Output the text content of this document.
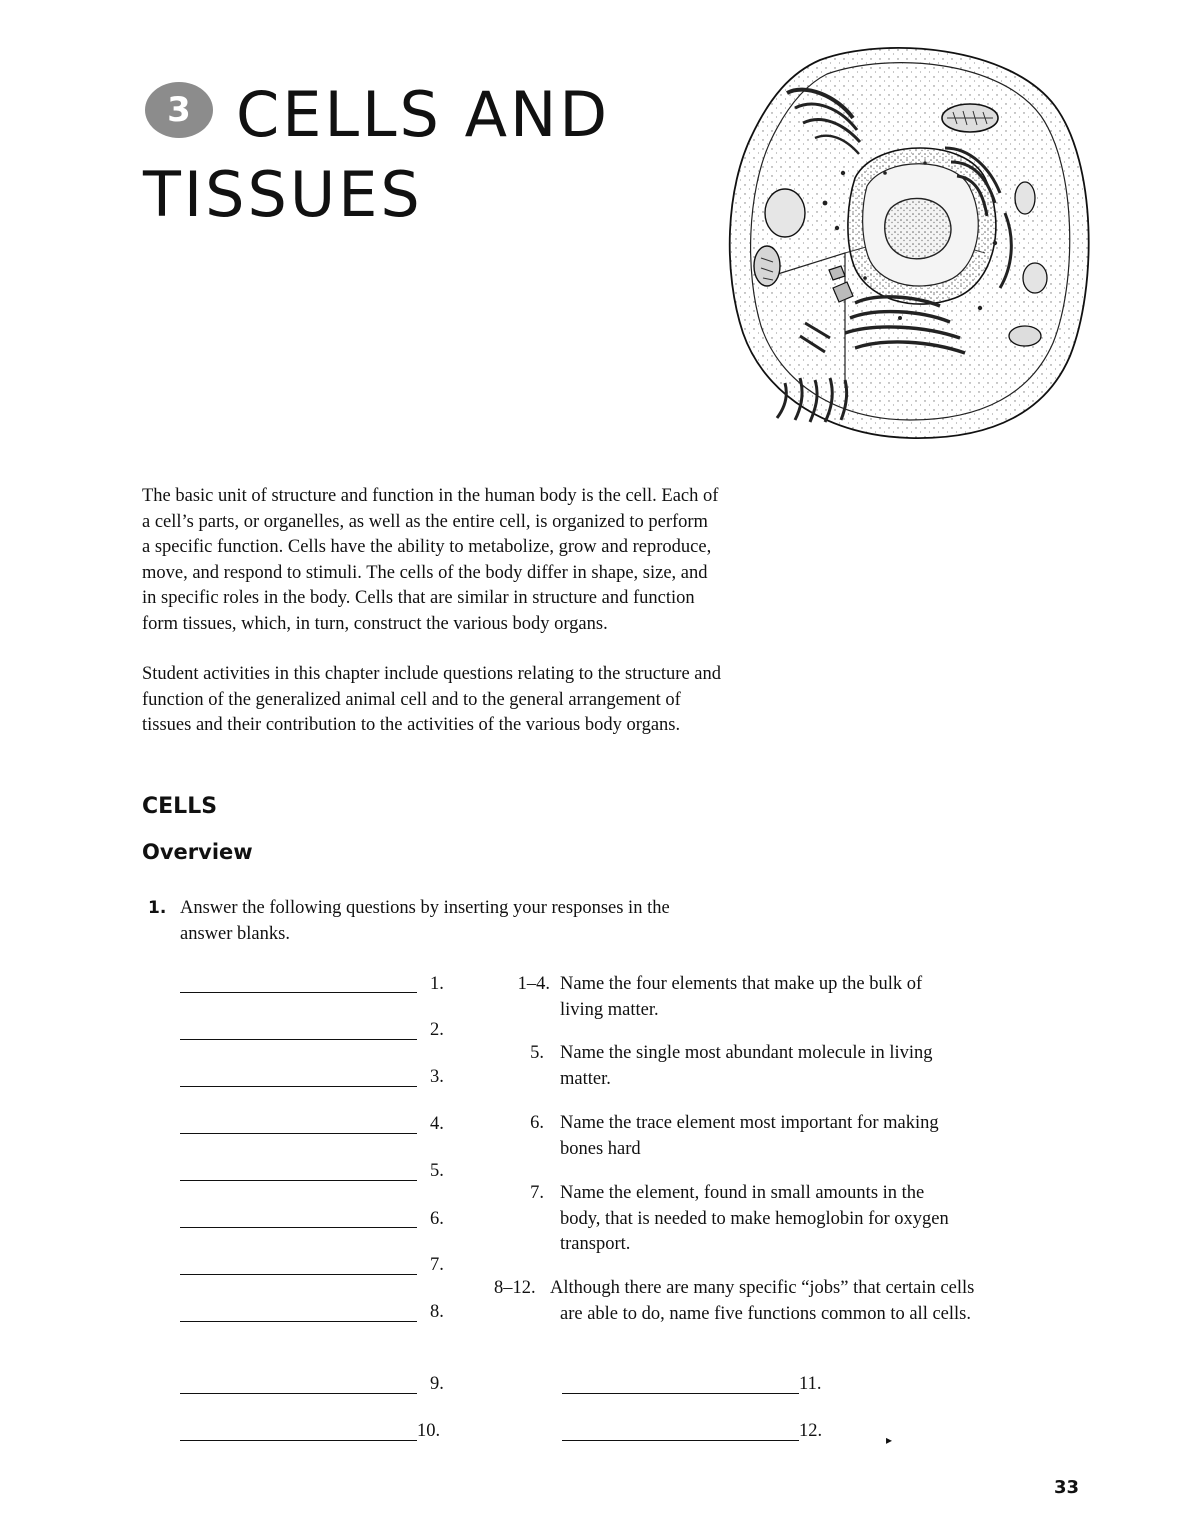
3 CELLS AND
TISSUES
The basic unit of structure and function in the human body is the cell. Each of
a cell’s parts, or organelles, as well as the entire cell, is organized to perform
a specific function. Cells have the ability to metabolize, grow and reproduce,
move, and respond to stimuli. The cells of the body differ in shape, size, and
in specific roles in the body. Cells that are similar in structure and function
form tissues, which, in turn, construct the various body organs.
Student activities in this chapter include questions relating to the structure and
function of the generalized animal cell and to the general arrangement of
tissues and their contribution to the activities of the various body organs.
CELLS
Overview
1. Answer the following questions by inserting your responses in the
answer blanks.
1.
2.
3.
4.
5.
6.
7.
8.
9.
10.
11.
12.
1–4. Name the four elements that make up the bulk of
living matter.
5. Name the single most abundant molecule in living
matter.
6. Name the trace element most important for making
bones hard
7. Name the element, found in small amounts in the
body, that is needed to make hemoglobin for oxygen
transport.
8–12. Although there are many specific “jobs” that certain cells
are able to do, name five functions common to all cells.
▸
33
